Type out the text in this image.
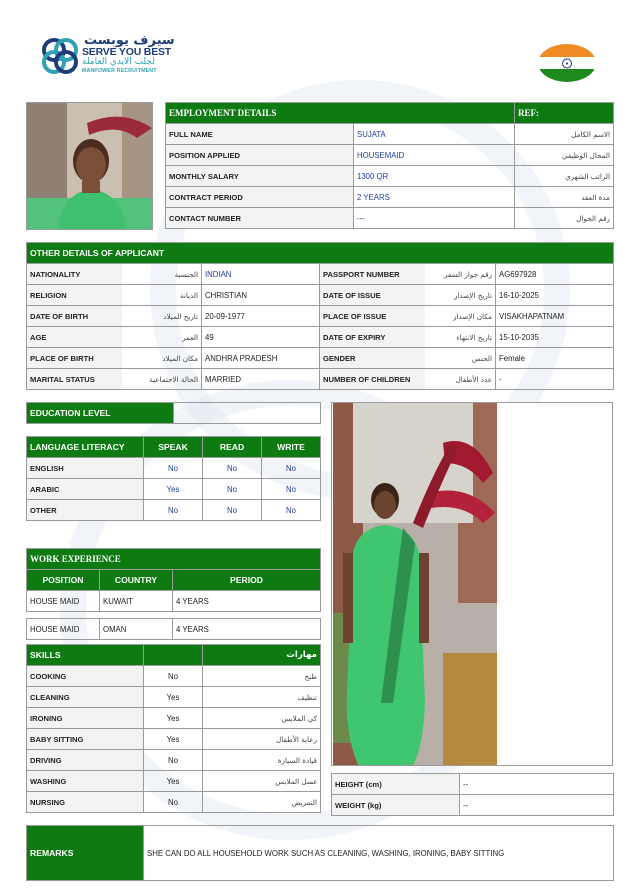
سيرف يوبست
SERVE YOU BEST
لجلب الايدي العاملة
MANPOWER RECRUITMENT
EMPLOYMENT DETAILS		REF:
FULL NAME	SUJATA	الاسم الكامل
POSITION APPLIED	HOUSEMAID	المجال الوظيفي
MONTHLY SALARY	1300 QR	الراتب الشهري
CONTRACT PERIOD	2 YEARS	مدة العقد
CONTACT NUMBER	---	رقم الجوال
OTHER DETAILS OF APPLICANT					
NATIONALITY	الجنسية	INDIAN	PASSPORT NUMBER	رقم جواز السفر	AG697928
RELIGION	الديانة	CHRISTIAN	DATE OF ISSUE	تاريخ الإصدار	16-10-2025
DATE OF BIRTH	تاريخ الميلاد	20-09-1977	PLACE OF ISSUE	مكان الإصدار	VISAKHAPATNAM
AGE	العمر	49	DATE OF EXPIRY	تاريخ الانتهاء	15-10-2035
PLACE OF BIRTH	مكان الميلاد	ANDHRA PRADESH	GENDER	الجنس	Female
MARITAL STATUS	الحالة الاجتماعية	MARRIED	NUMBER OF CHILDREN	عدد الأطفال	-
EDUCATION LEVEL	
LANGUAGE LITERACY	SPEAK	READ	WRITE
ENGLISH	No	No	No
ARABIC	Yes	No	No
OTHER	No	No	No
WORK EXPERIENCE		
POSITION	COUNTRY	PERIOD
HOUSE MAID	KUWAIT	4 YEARS
HOUSE MAID	OMAN	4 YEARS
SKILLS		مهارات
COOKING	No	طبخ
CLEANING	Yes	تنظيف
IRONING	Yes	كي الملابس
BABY SITTING	Yes	رعاية الأطفال
DRIVING	No	قيادة السيارة
WASHING	Yes	غسل الملابس
NURSING	No	التمريض
HEIGHT (cm)	--
WEIGHT (kg)	--
REMARKS	SHE CAN DO ALL HOUSEHOLD WORK SUCH AS CLEANING, WASHING, IRONING, BABY SITTING
